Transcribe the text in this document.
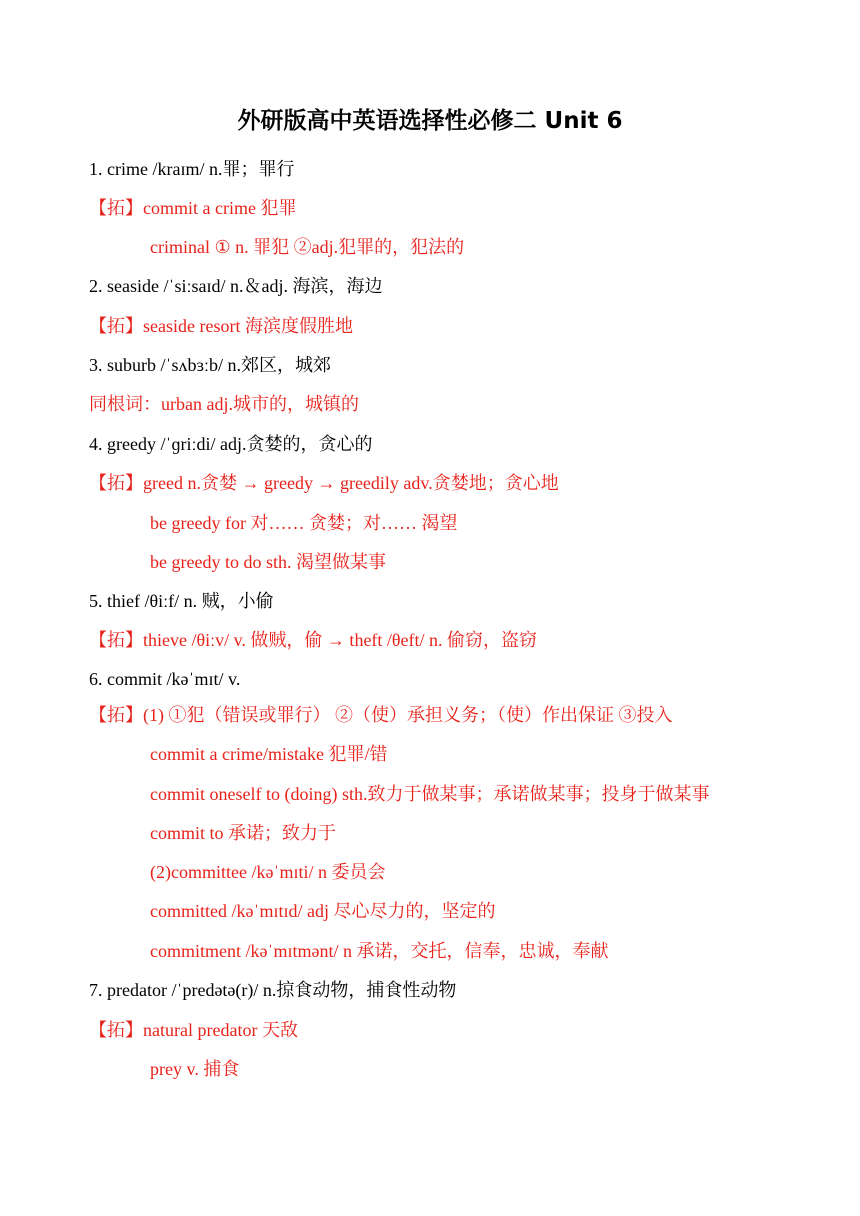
外研版高中英语选择性必修二 Unit 6
1. crime /kraɪm/ n.罪；罪行
【拓】commit a crime 犯罪
criminal ① n. 罪犯 ②adj.犯罪的，犯法的
2. seaside /ˈsiːsaɪd/ n.＆adj. 海滨，海边
【拓】seaside resort 海滨度假胜地
3. suburb /ˈsʌbɜːb/ n.郊区，城郊
同根词：urban adj.城市的，城镇的
4. greedy /ˈɡriːdi/ adj.贪婪的，贪心的
【拓】greed n.贪婪 → greedy → greedily adv.贪婪地；贪心地
be greedy for 对…… 贪婪；对…… 渴望
be greedy to do sth. 渴望做某事
5. thief /θiːf/ n. 贼，小偷
【拓】thieve /θiːv/ v. 做贼，偷 → theft /θeft/ n. 偷窃，盗窃
6. commit /kəˈmɪt/ v.
【拓】(1) ①犯（错误或罪行） ②（使）承担义务；（使）作出保证 ③投入
commit a crime/mistake 犯罪/错
commit oneself to (doing) sth.致力于做某事；承诺做某事；投身于做某事
commit to 承诺；致力于
(2)committee /kəˈmɪti/ n 委员会
committed /kəˈmɪtɪd/ adj 尽心尽力的，坚定的
commitment /kəˈmɪtmənt/ n 承诺，交托，信奉，忠诚，奉献
7. predator /ˈpredətə(r)/ n.掠食动物，捕食性动物
【拓】natural predator 天敌
prey v. 捕食
